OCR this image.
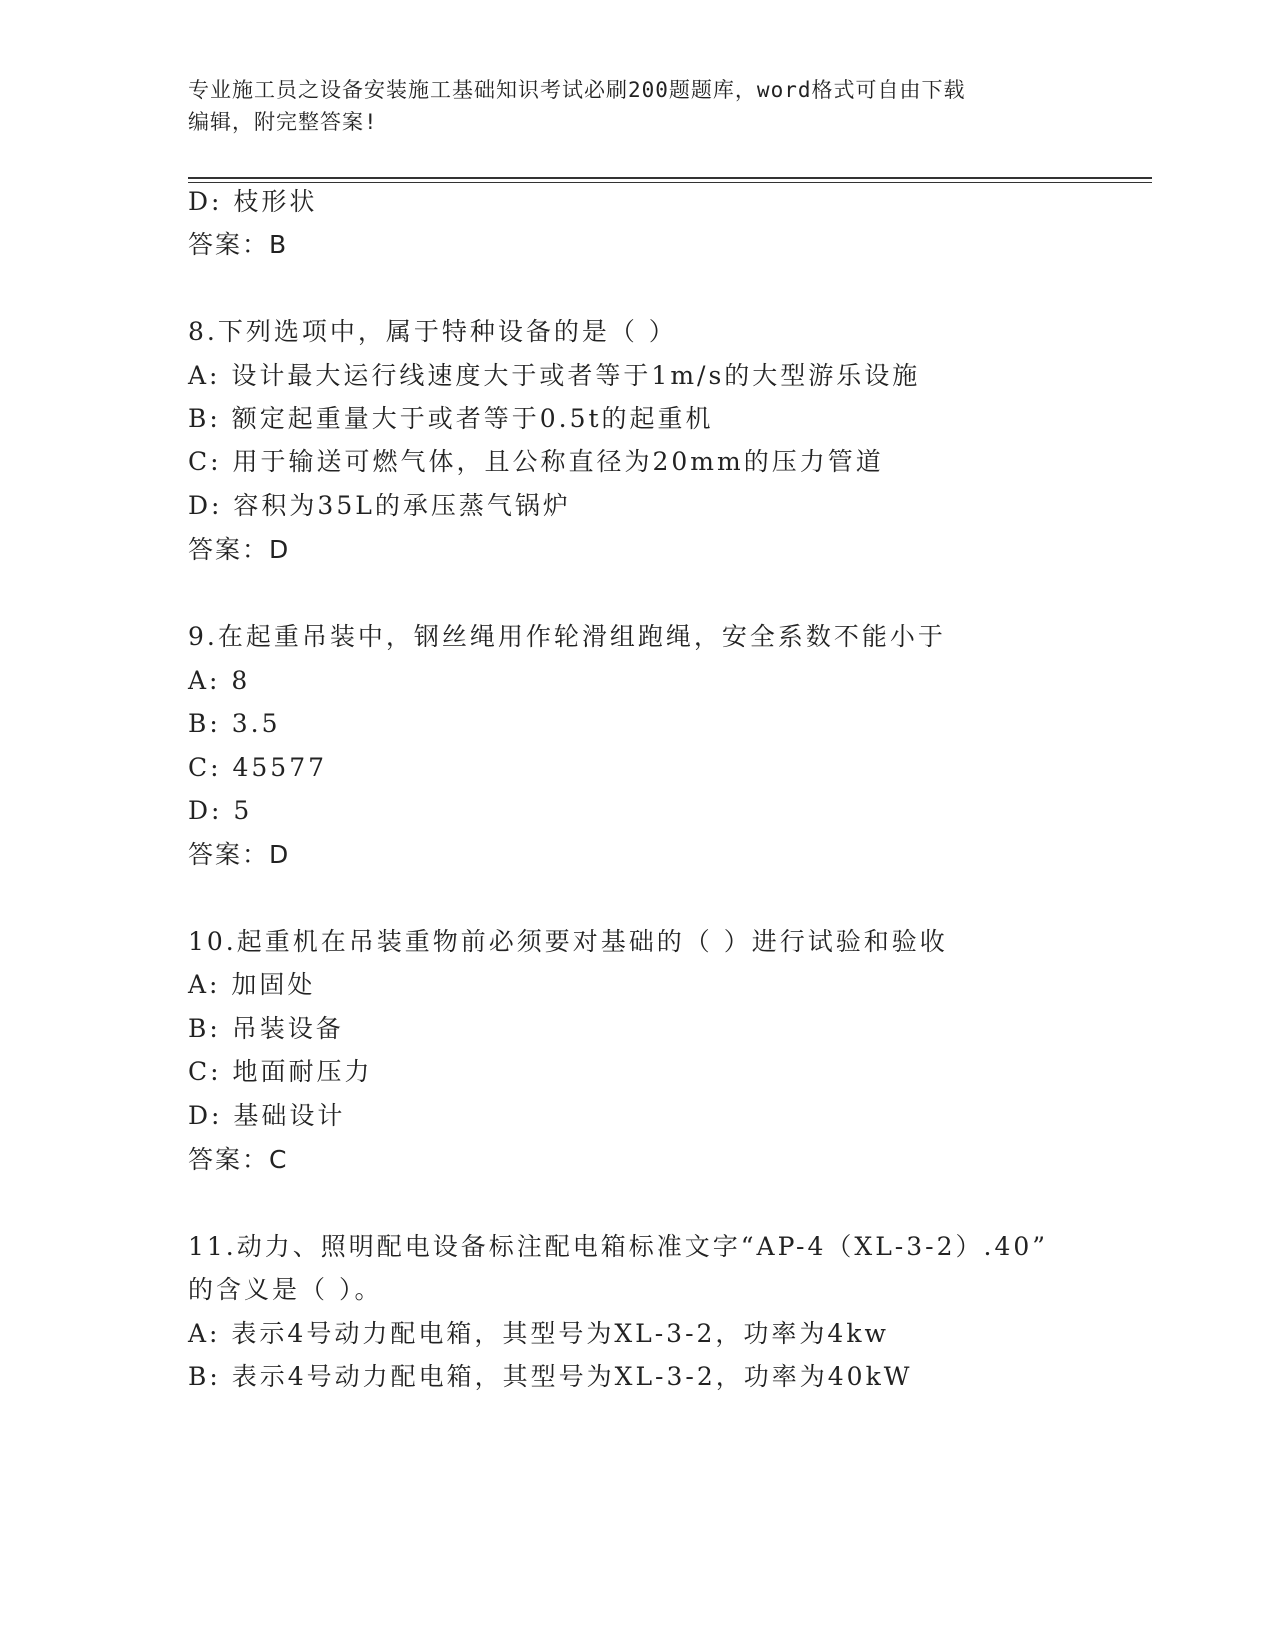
专业施工员之设备安装施工基础知识考试必刷200题题库，word格式可自由下载
编辑，附完整答案!
D: 枝形状
答案：B
8.下列选项中，属于特种设备的是（ ）
A: 设计最大运行线速度大于或者等于1m/s的大型游乐设施
B: 额定起重量大于或者等于0.5t的起重机
C: 用于输送可燃气体，且公称直径为20mm的压力管道
D: 容积为35L的承压蒸气锅炉
答案：D
9.在起重吊装中，钢丝绳用作轮滑组跑绳，安全系数不能小于
A: 8
B: 3.5
C: 45577
D: 5
答案：D
10.起重机在吊装重物前必须要对基础的（ ）进行试验和验收
A: 加固处
B: 吊装设备
C: 地面耐压力
D: 基础设计
答案：C
11.动力、照明配电设备标注配电箱标准文字“AP-4（XL-3-2）.40”
的含义是（ ）。
A: 表示4号动力配电箱，其型号为XL-3-2，功率为4kw
B: 表示4号动力配电箱，其型号为XL-3-2，功率为40kW
